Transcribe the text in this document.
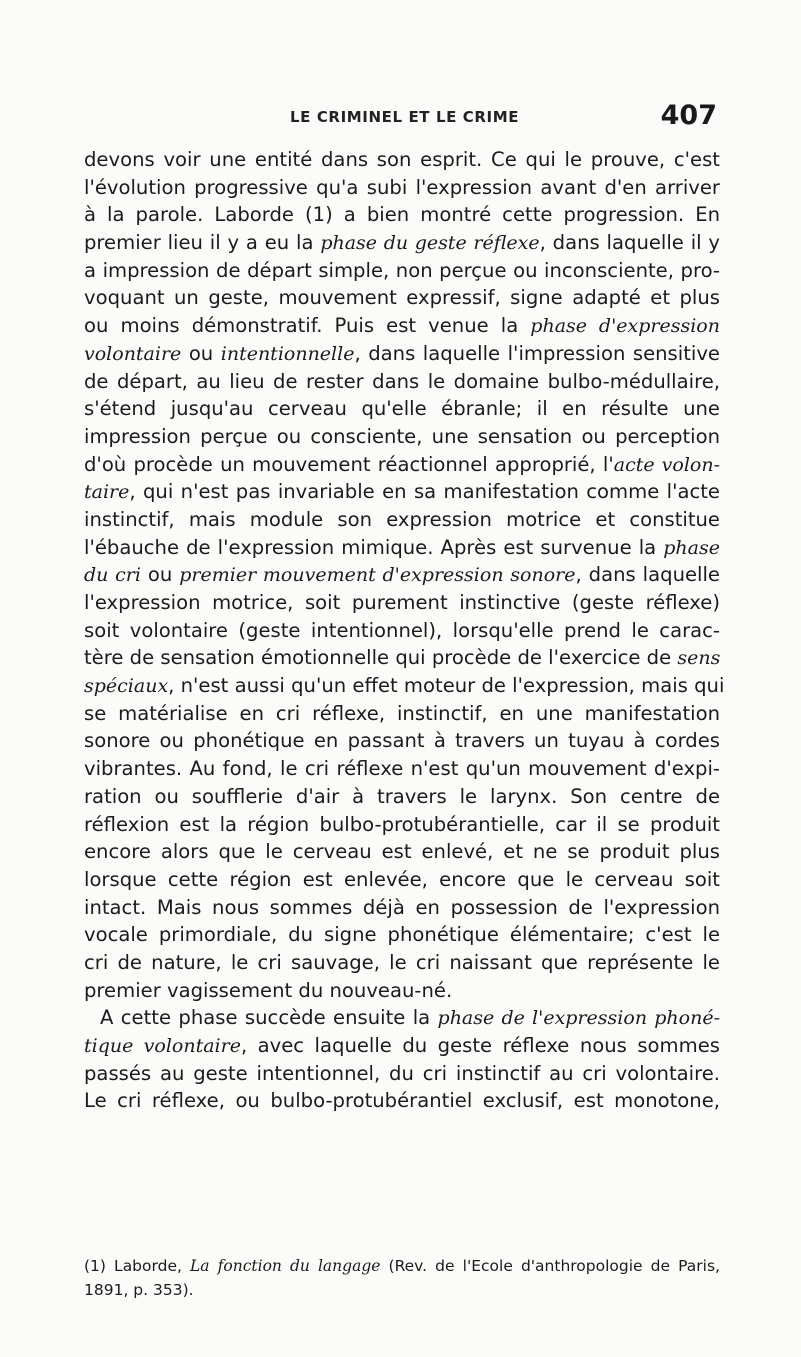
LE CRIMINEL ET LE CRIME	407
devons voir une entité dans son esprit. Ce qui le prouve, c'est
l'évolution progressive qu'a subi l'expression avant d'en arriver
à la parole. Laborde (1) a bien montré cette progression. En
premier lieu il y a eu la phase du geste réflexe, dans laquelle il y
a impression de départ simple, non perçue ou inconsciente, pro-
voquant un geste, mouvement expressif, signe adapté et plus
ou moins démonstratif. Puis est venue la phase d'expression
volontaire ou intentionnelle, dans laquelle l'impression sensitive
de départ, au lieu de rester dans le domaine bulbo-médullaire,
s'étend jusqu'au cerveau qu'elle ébranle; il en résulte une
impression perçue ou consciente, une sensation ou perception
d'où procède un mouvement réactionnel approprié, l'acte volon-
taire, qui n'est pas invariable en sa manifestation comme l'acte
instinctif, mais module son expression motrice et constitue
l'ébauche de l'expression mimique. Après est survenue la phase
du cri ou premier mouvement d'expression sonore, dans laquelle
l'expression motrice, soit purement instinctive (geste réflexe)
soit volontaire (geste intentionnel), lorsqu'elle prend le carac-
tère de sensation émotionnelle qui procède de l'exercice de sens
spéciaux, n'est aussi qu'un effet moteur de l'expression, mais qui
se matérialise en cri réflexe, instinctif, en une manifestation
sonore ou phonétique en passant à travers un tuyau à cordes
vibrantes. Au fond, le cri réflexe n'est qu'un mouvement d'expi-
ration ou soufflerie d'air à travers le larynx. Son centre de
réflexion est la région bulbo-protubérantielle, car il se produit
encore alors que le cerveau est enlevé, et ne se produit plus
lorsque cette région est enlevée, encore que le cerveau soit
intact. Mais nous sommes déjà en possession de l'expression
vocale primordiale, du signe phonétique élémentaire; c'est le
cri de nature, le cri sauvage, le cri naissant que représente le
premier vagissement du nouveau-né.
A cette phase succède ensuite la phase de l'expression phoné-
tique volontaire, avec laquelle du geste réflexe nous sommes
passés au geste intentionnel, du cri instinctif au cri volontaire.
Le cri réflexe, ou bulbo-protubérantiel exclusif, est monotone,
(1) Laborde, La fonction du langage (Rev. de l'Ecole d'anthropologie de Paris,
1891, p. 353).
